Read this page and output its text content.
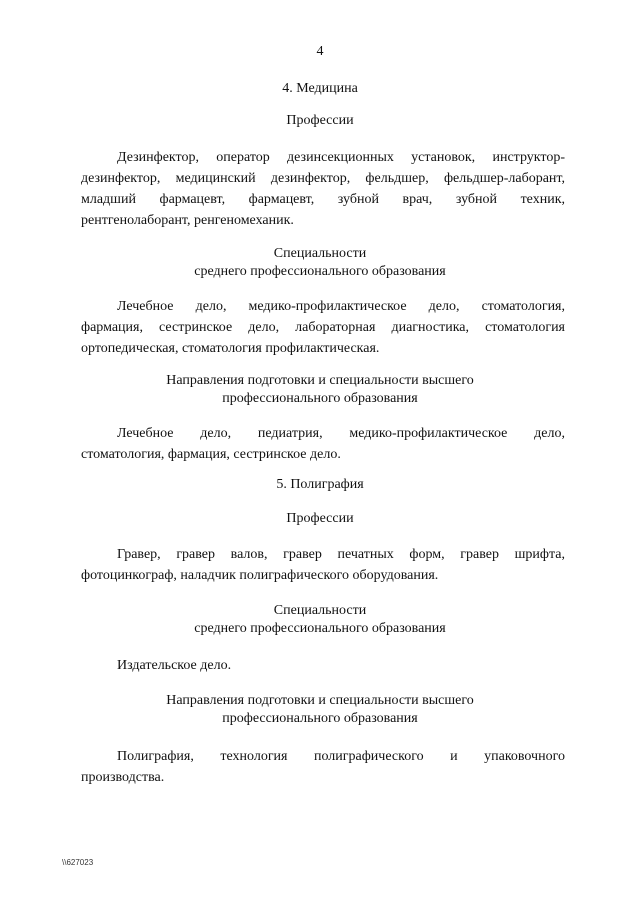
4
4. Медицина
Профессии
Дезинфектор, оператор дезинсекционных установок, инструктор-
дезинфектор, медицинский дезинфектор, фельдшер, фельдшер-лаборант,
младший фармацевт, фармацевт, зубной врач, зубной техник,
рентгенолаборант, ренгеномеханик.
Специальности
среднего профессионального образования
Лечебное дело, медико-профилактическое дело, стоматология,
фармация, сестринское дело, лабораторная диагностика, стоматология
ортопедическая, стоматология профилактическая.
Направления подготовки и специальности высшего
профессионального образования
Лечебное дело, педиатрия, медико-профилактическое дело,
стоматология, фармация, сестринское дело.
5. Полиграфия
Профессии
Гравер, гравер валов, гравер печатных форм, гравер шрифта,
фотоцинкограф, наладчик полиграфического оборудования.
Специальности
среднего профессионального образования
Издательское дело.
Направления подготовки и специальности высшего
профессионального образования
Полиграфия, технология полиграфического и упаковочного
производства.
\\627023
